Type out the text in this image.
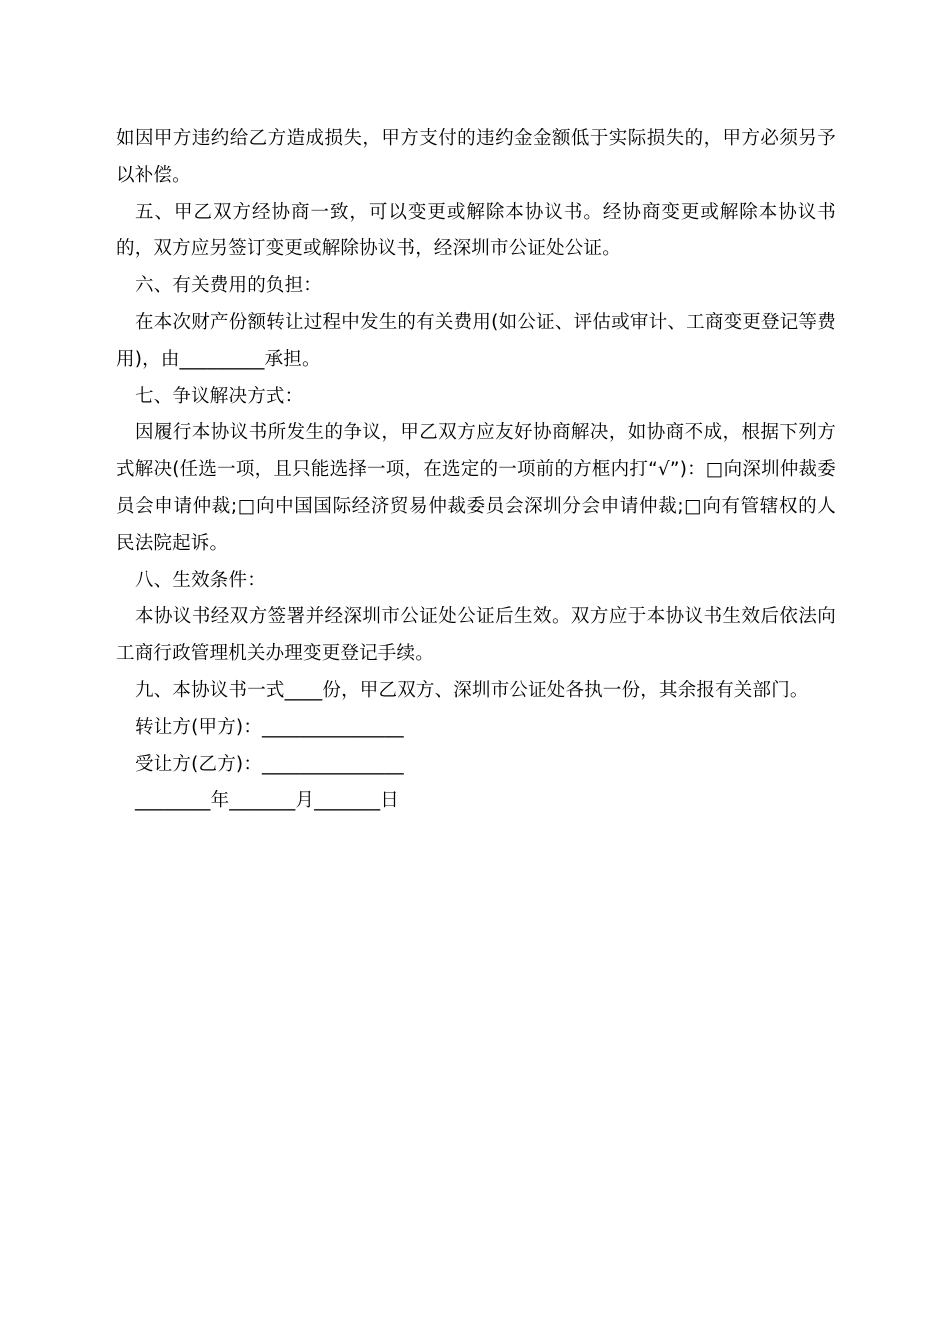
如因甲方违约给乙方造成损失，甲方支付的违约金金额低于实际损失的，甲方必须另予以补偿。

五、甲乙双方经协商一致，可以变更或解除本协议书。经协商变更或解除本协议书的，双方应另签订变更或解除协议书，经深圳市公证处公证。

六、有关费用的负担：

在本次财产份额转让过程中发生的有关费用(如公证、评估或审计、工商变更登记等费用)，由_________承担。

七、争议解决方式：

因履行本协议书所发生的争议，甲乙双方应友好协商解决，如协商不成，根据下列方式解决(任选一项，且只能选择一项，在选定的一项前的方框内打“√”)：□向深圳仲裁委员会申请仲裁;□向中国国际经济贸易仲裁委员会深圳分会申请仲裁;□向有管辖权的人民法院起诉。

八、生效条件：

本协议书经双方签署并经深圳市公证处公证后生效。双方应于本协议书生效后依法向工商行政管理机关办理变更登记手续。

九、本协议书一式____份，甲乙双方、深圳市公证处各执一份，其余报有关部门。

转让方(甲方)：_______________

受让方(乙方)：_______________

________年_______月_______日
